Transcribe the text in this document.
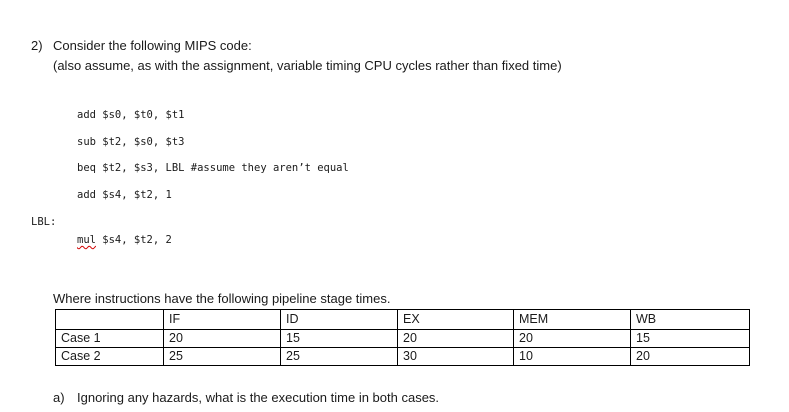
2) Consider the following MIPS code:
(also assume, as with the assignment, variable timing CPU cycles rather than fixed time)
add $s0, $t0, $t1
sub $t2, $s0, $t3
beq $t2, $s3, LBL #assume they aren’t equal
add $s4, $t2, 1
LBL:
mul $s4, $t2, 2
Where instructions have the following pipeline stage times.
	IF	ID	EX	MEM	WB
Case 1	20	15	20	20	15
Case 2	25	25	30	10	20
a) Ignoring any hazards, what is the execution time in both cases.
